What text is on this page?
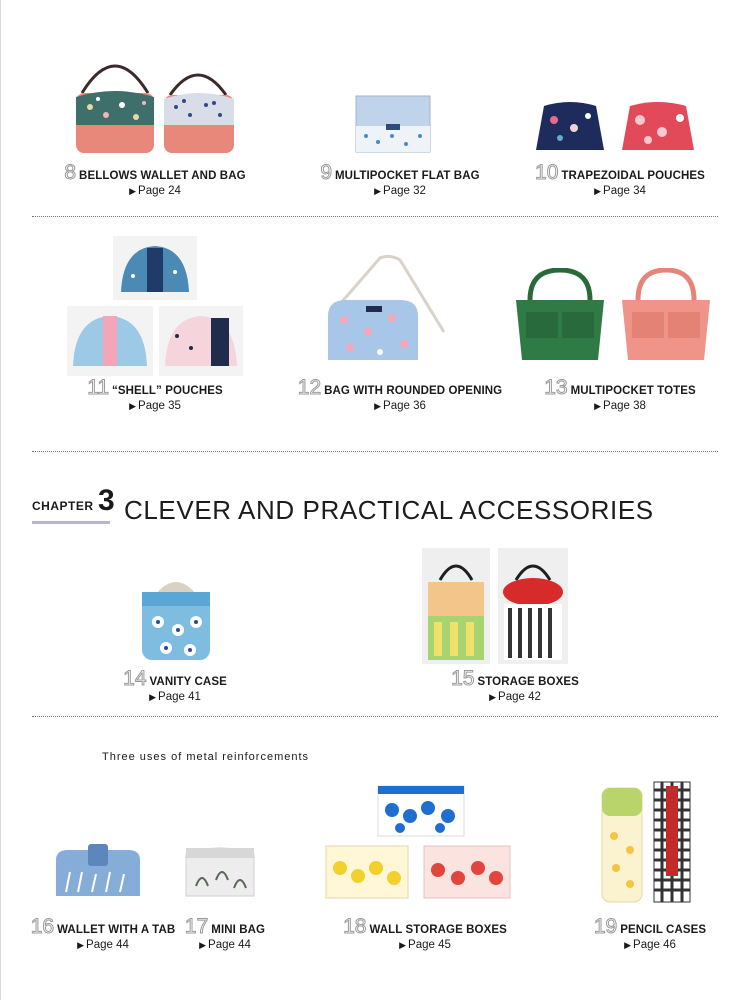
8 BELLOWS WALLET AND BAG
▶ Page 24
9 MULTIPOCKET FLAT BAG
▶ Page 32
10 TRAPEZOIDAL POUCHES
▶ Page 34
11 “SHELL” POUCHES
▶ Page 35
12 BAG WITH ROUNDED OPENING
▶ Page 36
13 MULTIPOCKET TOTES
▶ Page 38
CHAPTER 3 CLEVER AND PRACTICAL ACCESSORIES
14 VANITY CASE
▶ Page 41
15 STORAGE BOXES
▶ Page 42
Three uses of metal reinforcements
16 WALLET WITH A TAB
▶ Page 44
17 MINI BAG
▶ Page 44
18 WALL STORAGE BOXES
▶ Page 45
19 PENCIL CASES
▶ Page 46
